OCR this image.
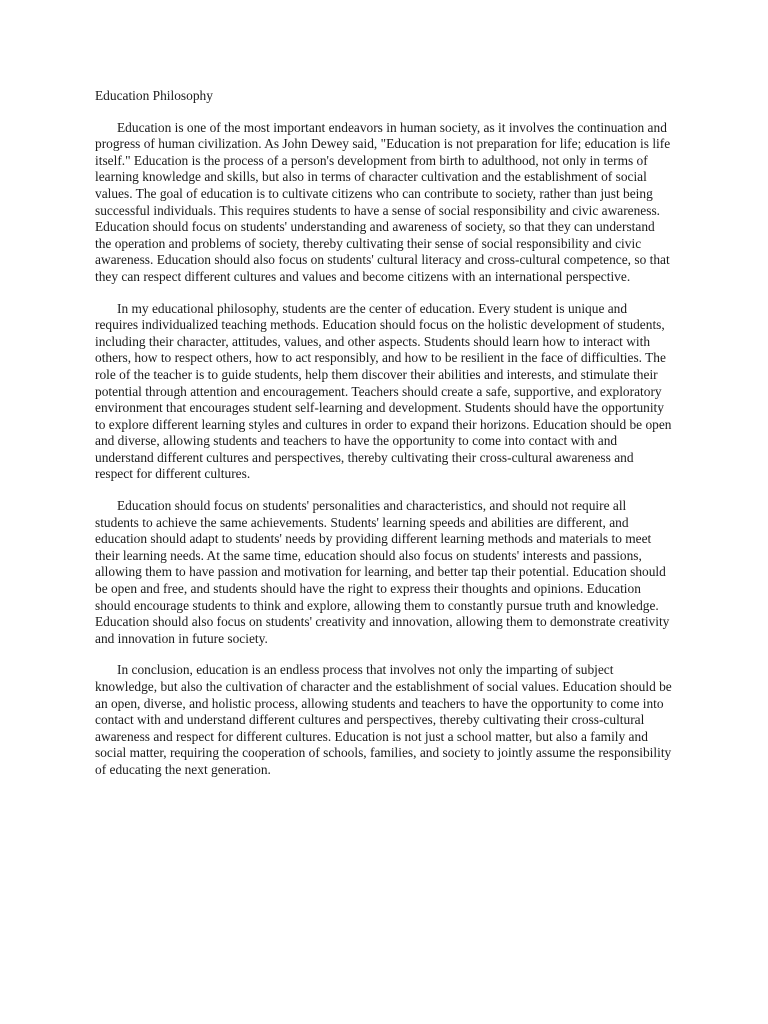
Education Philosophy

Education is one of the most important endeavors in human society, as it involves the continuation and progress of human civilization. As John Dewey said, "Education is not preparation for life; education is life itself." Education is the process of a person's development from birth to adulthood, not only in terms of learning knowledge and skills, but also in terms of character cultivation and the establishment of social values. The goal of education is to cultivate citizens who can contribute to society, rather than just being successful individuals. This requires students to have a sense of social responsibility and civic awareness. Education should focus on students' understanding and awareness of society, so that they can understand the operation and problems of society, thereby cultivating their sense of social responsibility and civic awareness. Education should also focus on students' cultural literacy and cross-cultural competence, so that they can respect different cultures and values and become citizens with an international perspective.

In my educational philosophy, students are the center of education. Every student is unique and requires individualized teaching methods. Education should focus on the holistic development of students, including their character, attitudes, values, and other aspects. Students should learn how to interact with others, how to respect others, how to act responsibly, and how to be resilient in the face of difficulties. The role of the teacher is to guide students, help them discover their abilities and interests, and stimulate their potential through attention and encouragement. Teachers should create a safe, supportive, and exploratory environment that encourages student self-learning and development. Students should have the opportunity to explore different learning styles and cultures in order to expand their horizons. Education should be open and diverse, allowing students and teachers to have the opportunity to come into contact with and understand different cultures and perspectives, thereby cultivating their cross-cultural awareness and respect for different cultures.

Education should focus on students' personalities and characteristics, and should not require all students to achieve the same achievements. Students' learning speeds and abilities are different, and education should adapt to students' needs by providing different learning methods and materials to meet their learning needs. At the same time, education should also focus on students' interests and passions, allowing them to have passion and motivation for learning, and better tap their potential. Education should be open and free, and students should have the right to express their thoughts and opinions. Education should encourage students to think and explore, allowing them to constantly pursue truth and knowledge. Education should also focus on students' creativity and innovation, allowing them to demonstrate creativity and innovation in future society.

In conclusion, education is an endless process that involves not only the imparting of subject knowledge, but also the cultivation of character and the establishment of social values. Education should be an open, diverse, and holistic process, allowing students and teachers to have the opportunity to come into contact with and understand different cultures and perspectives, thereby cultivating their cross-cultural awareness and respect for different cultures. Education is not just a school matter, but also a family and social matter, requiring the cooperation of schools, families, and society to jointly assume the responsibility of educating the next generation.
